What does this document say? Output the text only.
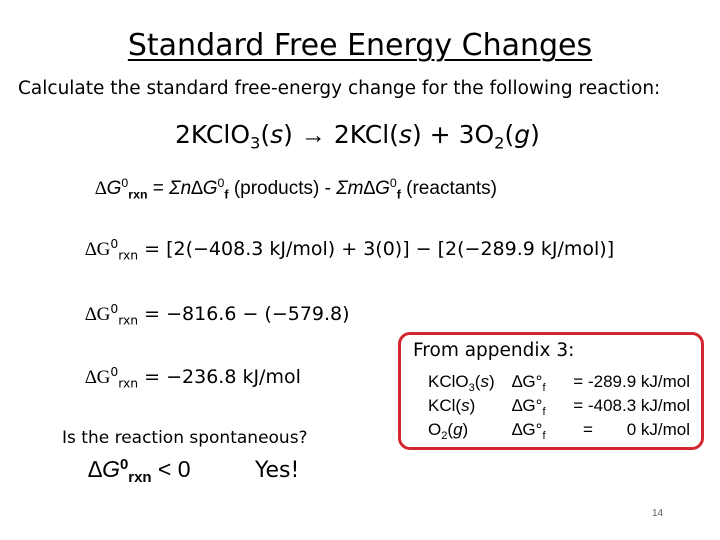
Standard Free Energy Changes
Calculate the standard free-energy change for the following reaction:
2KClO$_3$(s) → $2KCl(s) + 3O_2(g)$
$\Delta G^0_{rxn} = \Sigma n\Delta G^0_f$ (products) - $\Sigma m\Delta G^0_f$ (reactants)
$\Delta G^0_{rxn} = [2(-408.3$ kJ/mol) + 3(0)] − [2(−289.9 kJ/mol)]
$\Delta G^0_{rxn} = -816.6 - (-579.8)$
$\Delta G^0_{rxn} = -236.8$ kJ/mol
Is the reaction spontaneous?
$\Delta G^0_{rxn} < 0$	Yes!
From appendix 3:
KClO$_3$(s) $\Delta G^\circ_f = -289.9$ kJ/mol
KCl(s) $\Delta G^\circ_f = -408.3$ kJ/mol
$O_2(g)$	$\Delta G^\circ_f = 0$ kJ/mol
14
